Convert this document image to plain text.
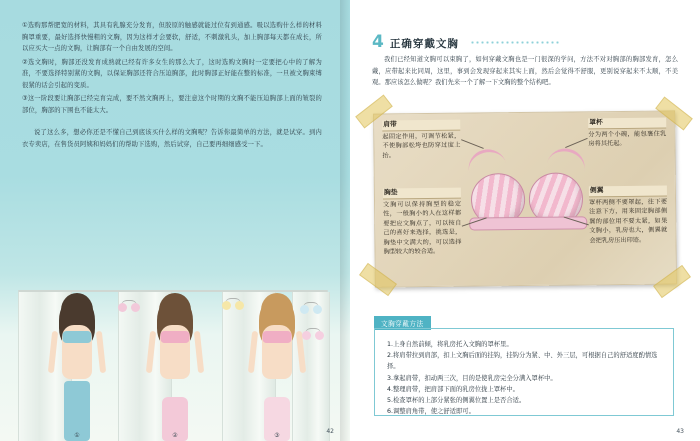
①选购那帮肥宽的材料，其具有乳腺充分发育，但胶原的触感就能过位有到通感。吸以选购什么样的材料胸罩重要，最好选择快慢粗的文胸，因为这样才会要软，舒适，不刺激乳头，加上胸部每天都在成长，所以应买大一点的文胸，让胸部有一个自由发展的空间。

②选文胸时，胸部还没发育成熟就已经有许多女生的那么大了，这时选购文胸时一定要把心中的了解为准，不要选择特别紧的文胸，以保证胸部还符合压迫胸部，此时胸部正好能在整的标准，一旦被文胸束缚很紧的话会引起的变质。

③这一阶段要让胸部已经完育完成，要不然文胸再上，要注意这个时期的文胸不能压迫胸部上面的皱裂的部位，胸部的下围也不能太大。

说了这么多，想必你还是不懂自己到底该买什么样的文胸呢？告诉你最简单的方法，就是试穿。到内衣专卖店，在售货员阿姨和妈妈们的帮助下选购，然后试穿，自己要再细细感受一下。

①	②	③
42
4 正确穿戴文胸
我们已经知道文胸可以束胸了，如何穿戴文胸也是一门很深的学问，方法不对对胸部的胸部发育，怎么戴，应带起来比同周，这里，事到会发现穿起来其实上面，然后会觉得不舒服，更别说穿起来不太顺，不美观。那应该怎么做呢？我们先来一个了解一下文胸的整个结构吧。
肩带
起固定作用，可调节松紧，不使胸部松垮也防穿过度上抬。
罩杯
分为两个小碗，能包裹住乳房将其托起。
胸垫
文胸可以保持胸型的稳定性，一般胸小的人在这样都要把应文胸点了，可以按自己的喜好来选择，挑选是，胸垫中文满大的，可以选择胸型较大的较合适。
侧翼
罩杯两侧不要罩起，往下要注意下方，用来固定胸部侧翼的部位用不要太紧，如果文胸小，乳房也大，侧翼就会把乳房压出印迹。
文胸穿戴方法
1.上身自然前倾，将乳房托入文胸的罩杯里。
2.将肩带拉到肩部，扣上文胸后面的挂钩，挂钩分为紧、中、外三层，可根据自己的舒适度酌情选择。
3.拿起肩带，扣动两三次，目的是使乳房完全分满入罩杯中。
4.整理肩带，把肩部下面的乳房位拢上罩杯中。
5.检查罩杯的上部分紧张的侧翼位置上是否合适。
6.调整肩角带，使之舒适即可。
43
